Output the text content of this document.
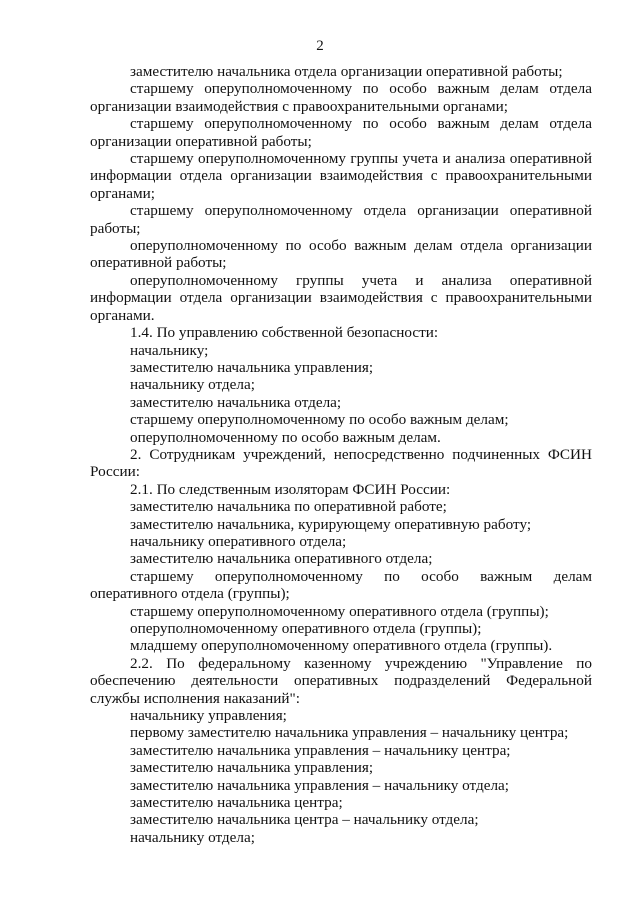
2

заместителю начальника отдела организации оперативной работы;

старшему оперуполномоченному по особо важным делам отдела организации взаимодействия с правоохранительными органами;

старшему оперуполномоченному по особо важным делам отдела организации оперативной работы;

старшему оперуполномоченному группы учета и анализа оперативной информации отдела организации взаимодействия с правоохранительными органами;

старшему оперуполномоченному отдела организации оперативной работы;

оперуполномоченному по особо важным делам отдела организации оперативной работы;

оперуполномоченному группы учета и анализа оперативной информации отдела организации взаимодействия с правоохранительными органами.

1.4. По управлению собственной безопасности:

начальнику;

заместителю начальника управления;

начальнику отдела;

заместителю начальника отдела;

старшему оперуполномоченному по особо важным делам;

оперуполномоченному по особо важным делам.

2. Сотрудникам учреждений, непосредственно подчиненных ФСИН России:

2.1. По следственным изоляторам ФСИН России:

заместителю начальника по оперативной работе;

заместителю начальника, курирующему оперативную работу;

начальнику оперативного отдела;

заместителю начальника оперативного отдела;

старшему оперуполномоченному по особо важным делам оперативного отдела (группы);

старшему оперуполномоченному оперативного отдела (группы);

оперуполномоченному оперативного отдела (группы);

младшему оперуполномоченному оперативного отдела (группы).

2.2. По федеральному казенному учреждению "Управление по обеспечению деятельности оперативных подразделений Федеральной службы исполнения наказаний":

начальнику управления;

первому заместителю начальника управления – начальнику центра;

заместителю начальника управления – начальнику центра;

заместителю начальника управления;

заместителю начальника управления – начальнику отдела;

заместителю начальника центра;

заместителю начальника центра – начальнику отдела;

начальнику отдела;
